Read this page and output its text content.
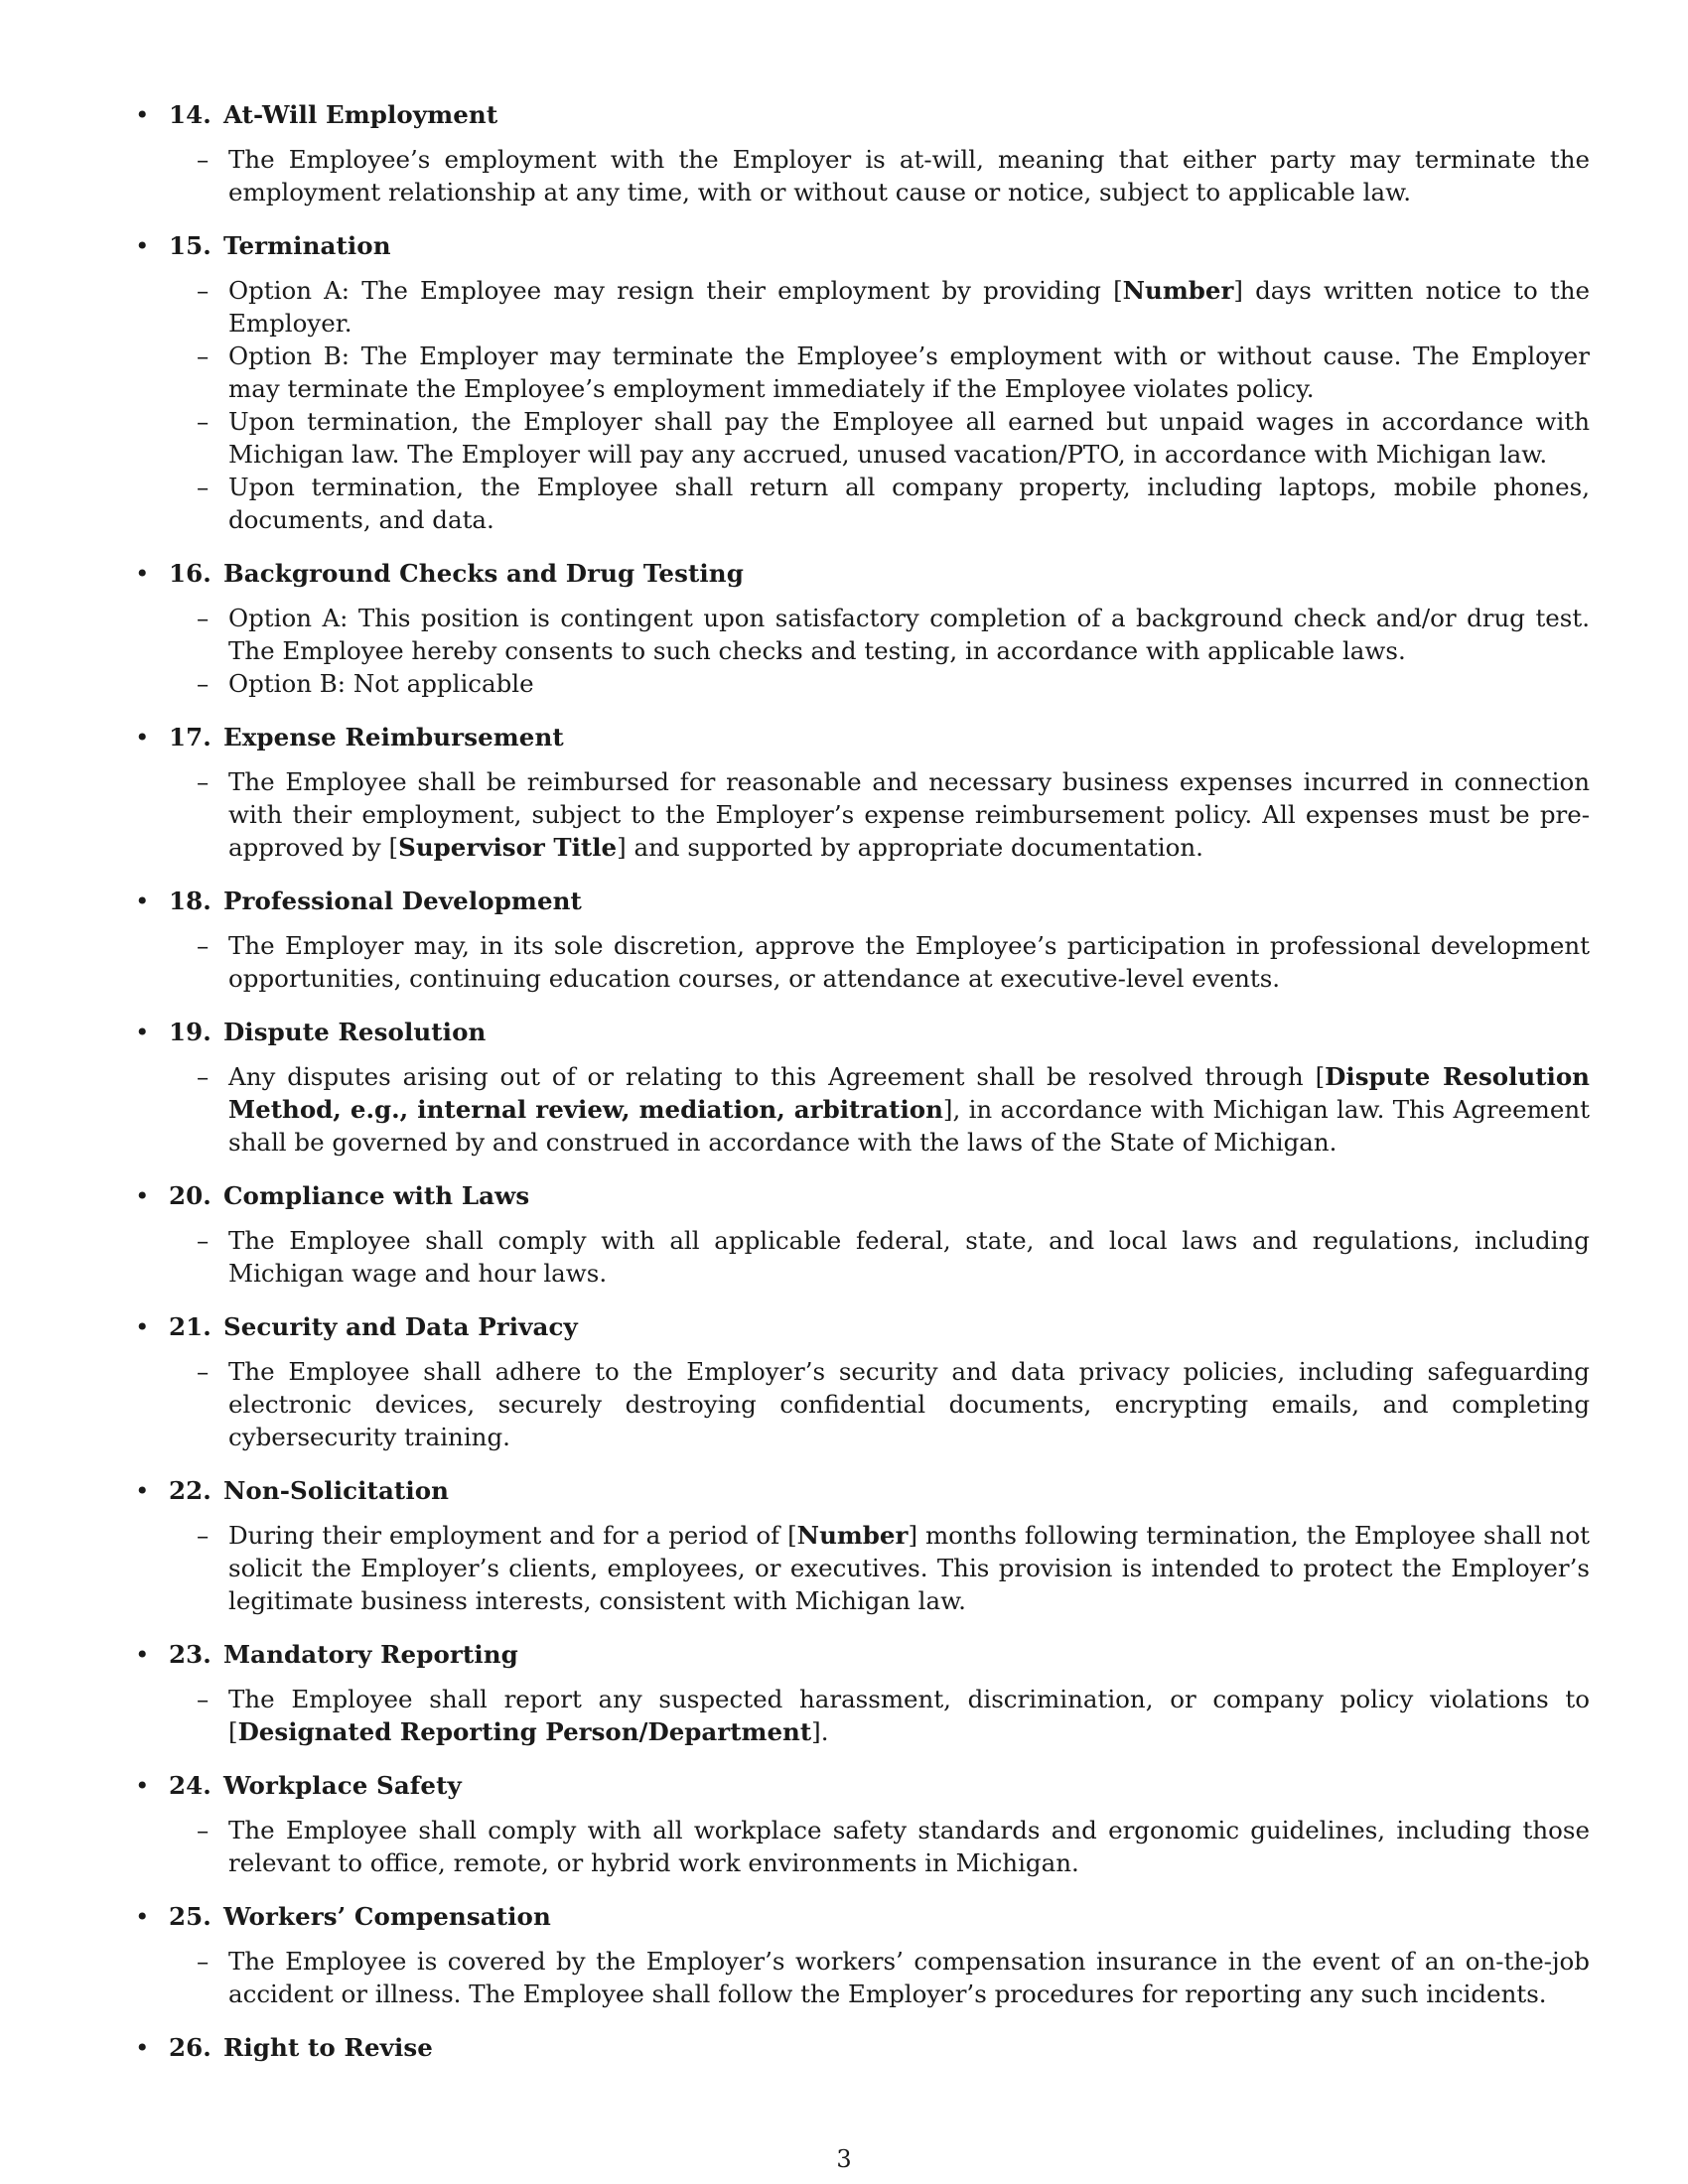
• 14. At-Will Employment
– The Employee’s employment with the Employer is at-will, meaning that either party may terminate the employment relationship at any time, with or without cause or notice, subject to applicable law.
• 15. Termination
– Option A: The Employee may resign their employment by providing [Number] days written notice to the Employer.
– Option B: The Employer may terminate the Employee’s employment with or without cause. The Employer may terminate the Employee’s employment immediately if the Employee violates policy.
– Upon termination, the Employer shall pay the Employee all earned but unpaid wages in accordance with Michigan law. The Employer will pay any accrued, unused vacation/PTO, in accordance with Michigan law.
– Upon termination, the Employee shall return all company property, including laptops, mobile phones, documents, and data.
• 16. Background Checks and Drug Testing
– Option A: This position is contingent upon satisfactory completion of a background check and/or drug test. The Employee hereby consents to such checks and testing, in accordance with applicable laws.
– Option B: Not applicable
• 17. Expense Reimbursement
– The Employee shall be reimbursed for reasonable and necessary business expenses incurred in connection with their employment, subject to the Employer’s expense reimbursement policy. All expenses must be pre-approved by [Supervisor Title] and supported by appropriate documentation.
• 18. Professional Development
– The Employer may, in its sole discretion, approve the Employee’s participation in professional development opportunities, continuing education courses, or attendance at executive-level events.
• 19. Dispute Resolution
– Any disputes arising out of or relating to this Agreement shall be resolved through [Dispute Resolution Method, e.g., internal review, mediation, arbitration], in accordance with Michigan law. This Agreement shall be governed by and construed in accordance with the laws of the State of Michigan.
• 20. Compliance with Laws
– The Employee shall comply with all applicable federal, state, and local laws and regulations, including Michigan wage and hour laws.
• 21. Security and Data Privacy
– The Employee shall adhere to the Employer’s security and data privacy policies, including safeguarding electronic devices, securely destroying confidential documents, encrypting emails, and completing cybersecurity training.
• 22. Non-Solicitation
– During their employment and for a period of [Number] months following termination, the Employee shall not solicit the Employer’s clients, employees, or executives. This provision is intended to protect the Employer’s legitimate business interests, consistent with Michigan law.
• 23. Mandatory Reporting
– The Employee shall report any suspected harassment, discrimination, or company policy violations to [Designated Reporting Person/Department].
• 24. Workplace Safety
– The Employee shall comply with all workplace safety standards and ergonomic guidelines, including those relevant to office, remote, or hybrid work environments in Michigan.
• 25. Workers’ Compensation
– The Employee is covered by the Employer’s workers’ compensation insurance in the event of an on-the-job accident or illness. The Employee shall follow the Employer’s procedures for reporting any such incidents.
• 26. Right to Revise
3
